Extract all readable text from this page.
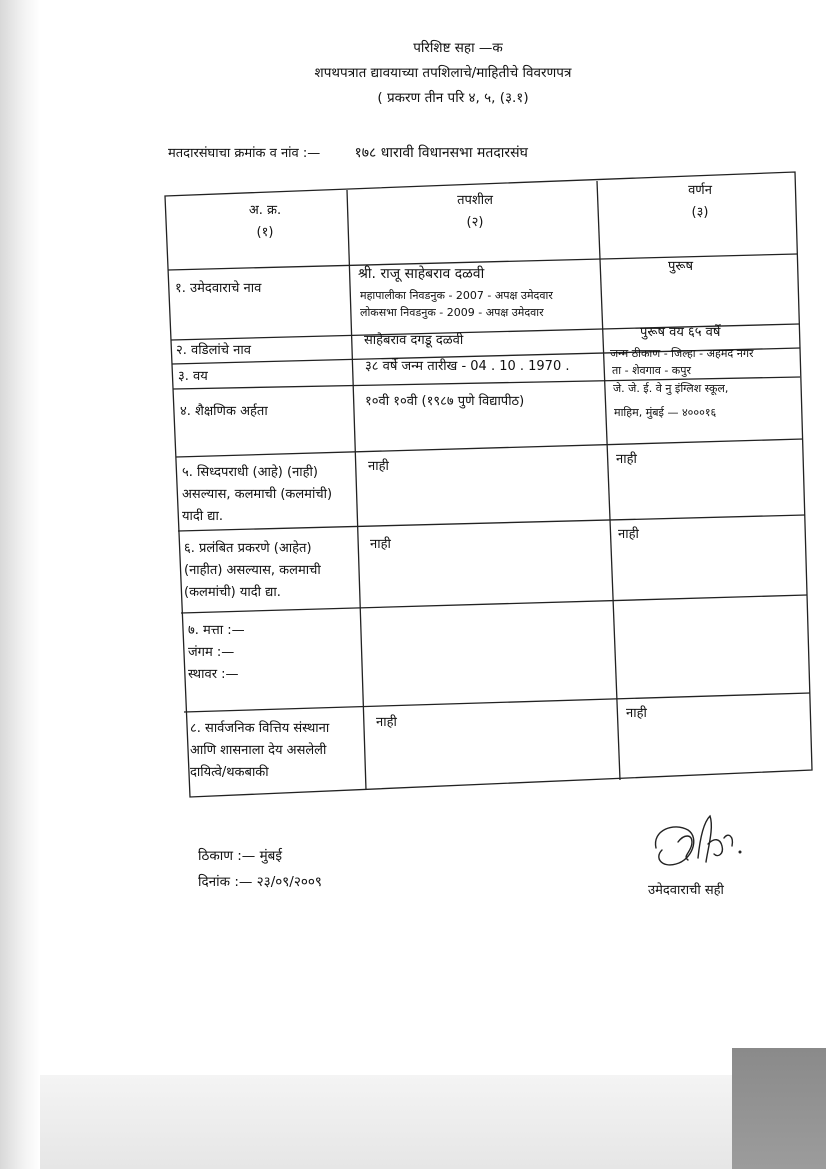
परिशिष्ट सहा —क
शपथपत्रात द्यावयाच्या तपशिलाचे/माहितीचे विवरणपत्र
( प्रकरण तीन परि ४, ५, (३.१)
मतदारसंघाचा क्रमांक व नांव :— १७८ धारावी विधानसभा मतदारसंघ
अ. क्र.
(१)
तपशील
(२)
वर्णन
(३)
१. उमेदवाराचे नाव
श्री. राजू साहेबराव दळवी
महापालीका निवडनुक - 2007 - अपक्ष उमेदवार
लोकसभा निवडनुक - 2009 - अपक्ष उमेदवार
पुरूष
२. वडिलांचे नाव
साहेबराव दगडू दळवी
पुरूष वय ६५ वर्षे
३. वय
३८ वर्षे जन्म तारीख - 04 . 10 . 1970 .
जन्म ठीकाण - जिल्हा - अहमद नगर
ता - शेवगाव - कपुर
४. शैक्षणिक अर्हता
१०वी १०वी (१९८७ पुणे विद्यापीठ)
जे. जे. ई. वे नु इंग्लिश स्कूल,
माहिम, मुंबई — ४०००१६
५. सिध्दपराधी (आहे) (नाही)
असल्यास, कलमाची (कलमांची)
यादी द्या.
नाही	नाही
६. प्रलंबित प्रकरणे (आहेत)
(नाहीत) असल्यास, कलमाची
(कलमांची) यादी द्या.
नाही
नाही
७. मत्ता :—
जंगम :—
स्थावर :—
८. सार्वजनिक वित्तिय संस्थाना
आणि शासनाला देय असलेली
दायित्वे/थकबाकी
नाही
नाही
ठिकाण :— मुंबई
दिनांक :— २३/०९/२००९
उमेदवाराची सही
